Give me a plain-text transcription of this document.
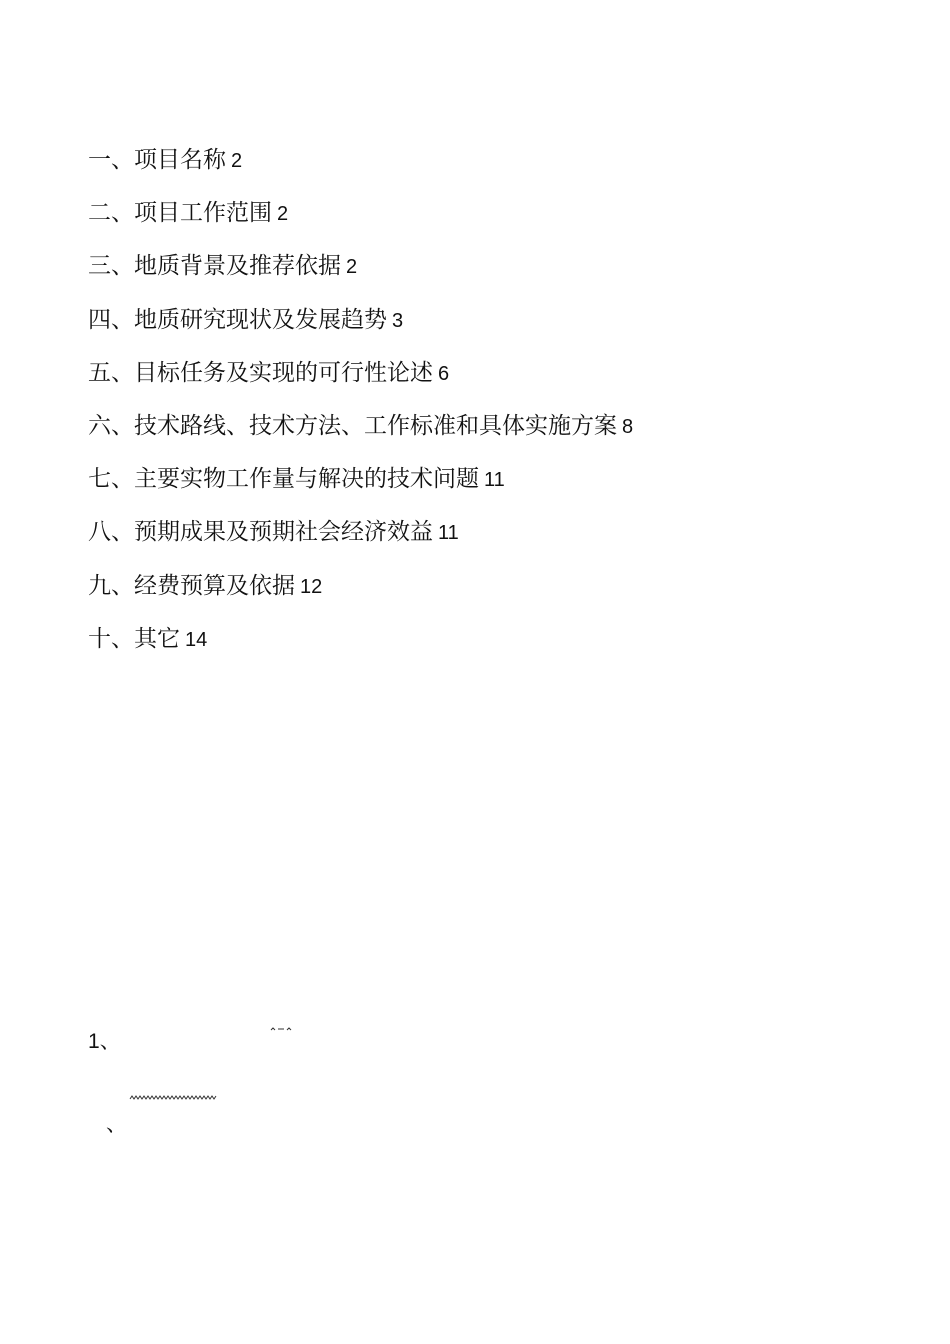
一、项目名称 2
二、项目工作范围 2
三、地质背景及推荐依据 2
四、地质研究现状及发展趋势 3
五、目标任务及实现的可行性论述 6
六、技术路线、技术方法、工作标准和具体实施方案 8
七、主要实物工作量与解决的技术问题 11
八、预期成果及预期社会经济效益 11
九、经费预算及依据 12
十、其它 14
1、
、
